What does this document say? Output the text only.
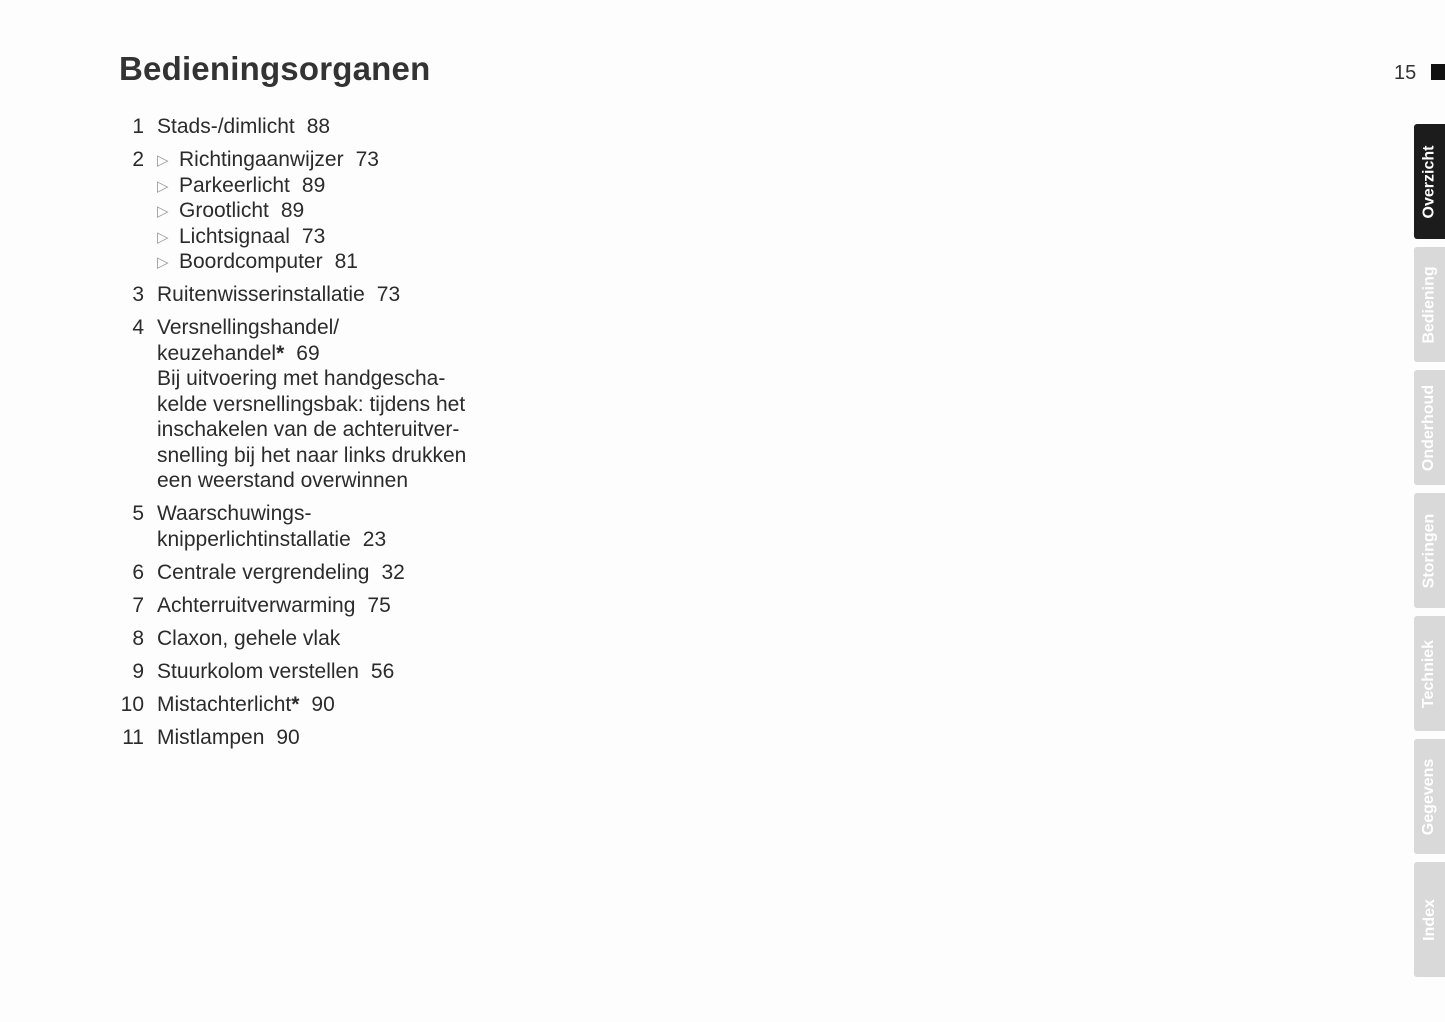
Bedieningsorganen	15
1 Stads-/dimlicht 88
2 ▷ Richtingaanwijzer 73
▷ Parkeerlicht 89
▷ Grootlicht 89
▷ Lichtsignaal 73
▷ Boordcomputer 81
3 Ruitenwisserinstallatie 73
4 Versnellingshandel/
keuzehandel* 69
Bij uitvoering met handgescha-
kelde versnellingsbak: tijdens het
inschakelen van de achteruitver-
snelling bij het naar links drukken
een weerstand overwinnen
5 Waarschuwings-
knipperlichtinstallatie 23
6 Centrale vergrendeling 32
7 Achterruitverwarming 75
8 Claxon, gehele vlak
9 Stuurkolom verstellen 56
10 Mistachterlicht* 90
11 Mistlampen 90
Overzicht
Bediening
Onderhoud
Storingen
Techniek
Gegevens
Index
